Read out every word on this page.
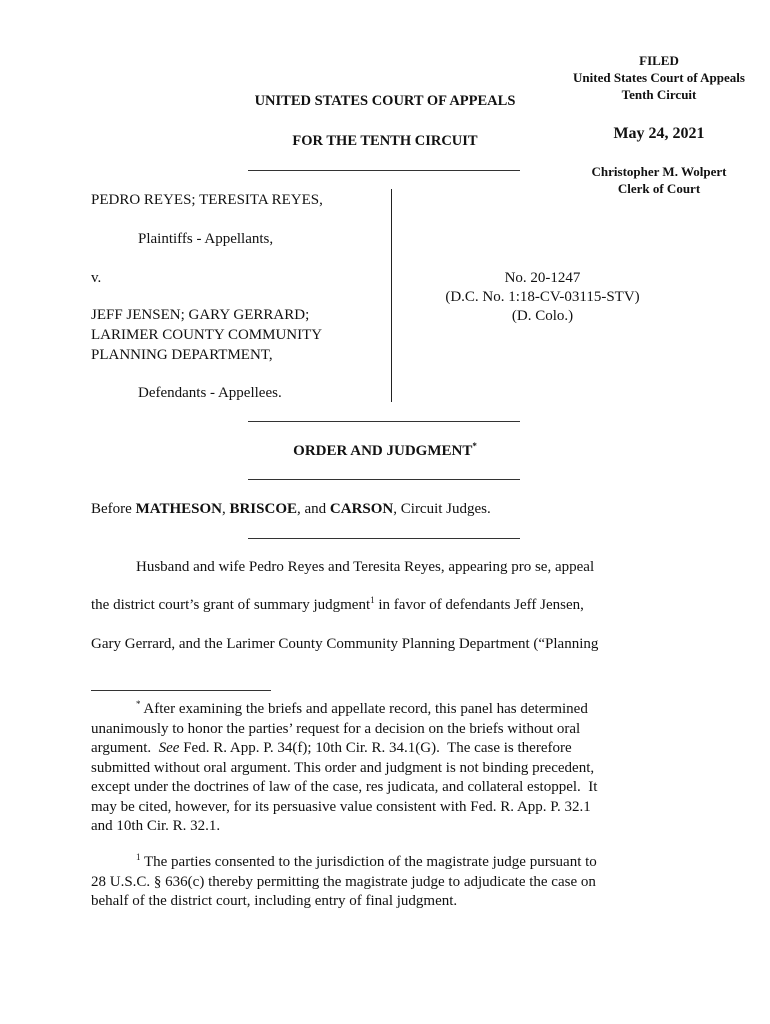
FILED
United States Court of Appeals
Tenth Circuit
May 24, 2021
Christopher M. Wolpert
Clerk of Court
UNITED STATES COURT OF APPEALS
FOR THE TENTH CIRCUIT
PEDRO REYES; TERESITA REYES,
Plaintiffs - Appellants,
v.
JEFF JENSEN; GARY GERRARD;
LARIMER COUNTY COMMUNITY
PLANNING DEPARTMENT,
Defendants - Appellees.
No. 20-1247
(D.C. No. 1:18-CV-03115-STV)
(D. Colo.)
ORDER AND JUDGMENT*
Before MATHESON, BRISCOE, and CARSON, Circuit Judges.
Husband and wife Pedro Reyes and Teresita Reyes, appearing pro se, appeal
the district court’s grant of summary judgment$^1$ in favor of defendants Jeff Jensen,
Gary Gerrard, and the Larimer County Community Planning Department (“Planning
* After examining the briefs and appellate record, this panel has determined
unanimously to honor the parties’ request for a decision on the briefs without oral
argument.  See Fed. R. App. P. 34(f); 10th Cir. R. 34.1(G).  The case is therefore
submitted without oral argument. This order and judgment is not binding precedent,
except under the doctrines of law of the case, res judicata, and collateral estoppel.  It
may be cited, however, for its persuasive value consistent with Fed. R. App. P. 32.1
and 10th Cir. R. 32.1.
$^1$ The parties consented to the jurisdiction of the magistrate judge pursuant to
28 U.S.C. § 636(c) thereby permitting the magistrate judge to adjudicate the case on
behalf of the district court, including entry of final judgment.
